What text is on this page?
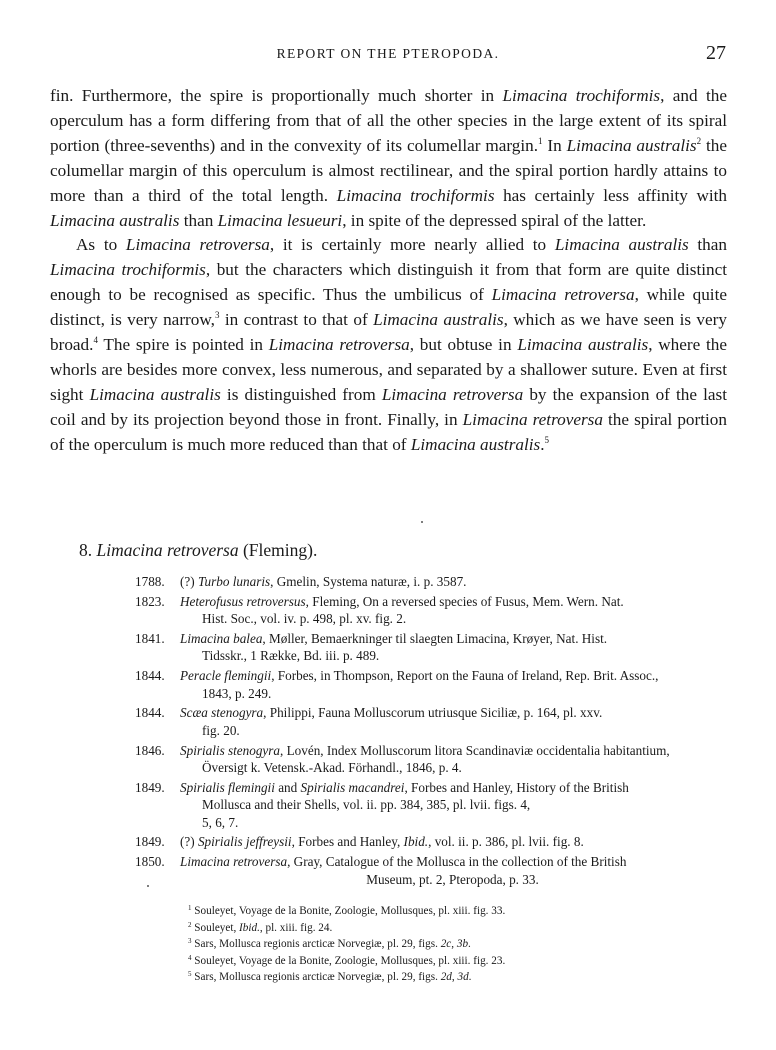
REPORT ON THE PTEROPODA.	27

fin. Furthermore, the spire is proportionally much shorter in Limacina trochiformis, and the operculum has a form differing from that of all the other species in the large extent of its spiral portion (three-sevenths) and in the convexity of its columellar margin.$^1$ In Limacina australis$^2$ the columellar margin of this operculum is almost rectilinear, and the spiral portion hardly attains to more than a third of the total length. Limacina trochiformis has certainly less affinity with Limacina australis than Limacina lesueuri, in spite of the depressed spiral of the latter.

As to Limacina retroversa, it is certainly more nearly allied to Limacina australis than Limacina trochiformis, but the characters which distinguish it from that form are quite distinct enough to be recognised as specific. Thus the umbilicus of Limacina retroversa, while quite distinct, is very narrow,$^3$ in contrast to that of Limacina australis, which as we have seen is very broad.$^4$ The spire is pointed in Limacina retroversa, but obtuse in Limacina australis, where the whorls are besides more convex, less numerous, and separated by a shallower suture. Even at first sight Limacina australis is distinguished from Limacina retroversa by the expansion of the last coil and by its projection beyond those in front. Finally, in Limacina retroversa the spiral portion of the operculum is much more reduced than that of Limacina australis.$^5$

8. Limacina retroversa (Fleming).
1788.	(?) Turbo lunaris, Gmelin, Systema naturæ, i. p. 3587.
1823.	Heterofusus retroversus, Fleming, On a reversed species of Fusus, Mem. Wern. Nat.
Hist. Soc., vol. iv. p. 498, pl. xv. fig. 2.
1841.	Limacina balea, Møller, Bemaerkninger til slaegten Limacina, Krøyer, Nat. Hist.
Tidsskr., 1 Række, Bd. iii. p. 489.
1844.	Peracle flemingii, Forbes, in Thompson, Report on the Fauna of Ireland, Rep. Brit. Assoc.,
1843, p. 249.
1844.	Scæa stenogyra, Philippi, Fauna Molluscorum utriusque Siciliæ, p. 164, pl. xxv.
fig. 20.
1846.	Spirialis stenogyra, Lovén, Index Molluscorum litora Scandinaviæ occidentalia habitantium,
Översigt k. Vetensk.-Akad. Förhandl., 1846, p. 4.
1849.	Spirialis flemingii and Spirialis macandrei, Forbes and Hanley, History of the British
Mollusca and their Shells, vol. ii. pp. 384, 385, pl. lvii. figs. 4,
5, 6, 7.
1849.	(?) Spirialis jeffreysii, Forbes and Hanley, Ibid., vol. ii. p. 386, pl. lvii. fig. 8.
1850.	Limacina retroversa, Gray, Catalogue of the Mollusca in the collection of the British
Museum, pt. 2, Pteropoda, p. 33.
$^1$ Souleyet, Voyage de la Bonite, Zoologie, Mollusques, pl. xiii. fig. 33.
$^2$ Souleyet, Ibid., pl. xiii. fig. 24.
$^3$ Sars, Mollusca regionis arcticæ Norvegiæ, pl. 29, figs. 2c, 3b.
$^4$ Souleyet, Voyage de la Bonite, Zoologie, Mollusques, pl. xiii. fig. 23.
$^5$ Sars, Mollusca regionis arcticæ Norvegiæ, pl. 29, figs. 2d, 3d.
